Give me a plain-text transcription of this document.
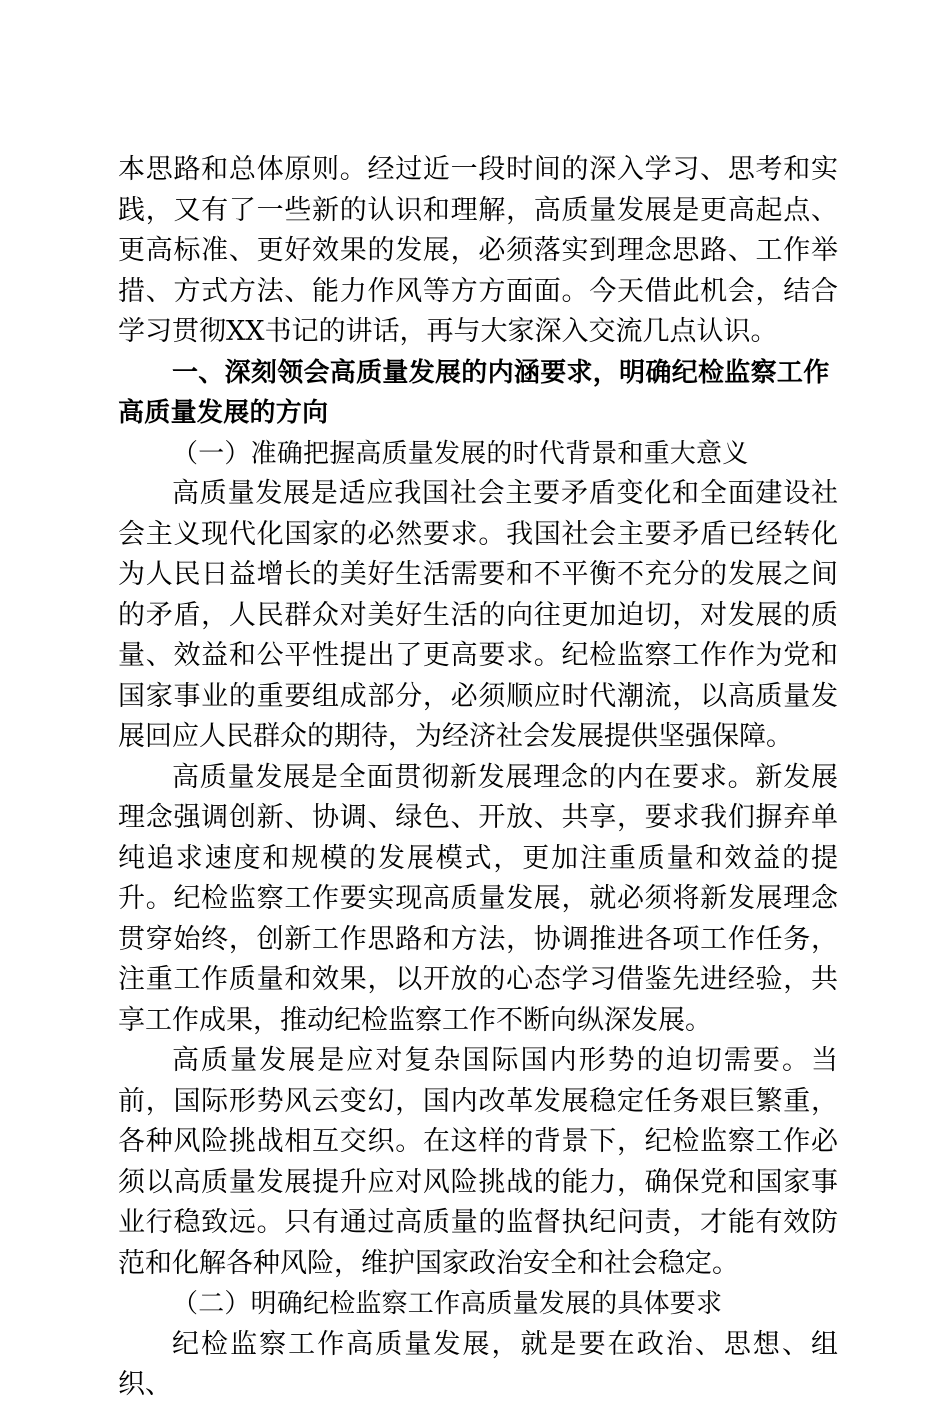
本思路和总体原则。经过近一段时间的深入学习、思考和实践，又有了一些新的认识和理解，高质量发展是更高起点、更高标准、更好效果的发展，必须落实到理念思路、工作举措、方式方法、能力作风等方方面面。今天借此机会，结合学习贯彻XX书记的讲话，再与大家深入交流几点认识。

一、深刻领会高质量发展的内涵要求，明确纪检监察工作高质量发展的方向

（一）准确把握高质量发展的时代背景和重大意义

高质量发展是适应我国社会主要矛盾变化和全面建设社会主义现代化国家的必然要求。我国社会主要矛盾已经转化为人民日益增长的美好生活需要和不平衡不充分的发展之间的矛盾，人民群众对美好生活的向往更加迫切，对发展的质量、效益和公平性提出了更高要求。纪检监察工作作为党和国家事业的重要组成部分，必须顺应时代潮流，以高质量发展回应人民群众的期待，为经济社会发展提供坚强保障。

高质量发展是全面贯彻新发展理念的内在要求。新发展理念强调创新、协调、绿色、开放、共享，要求我们摒弃单纯追求速度和规模的发展模式，更加注重质量和效益的提升。纪检监察工作要实现高质量发展，就必须将新发展理念贯穿始终，创新工作思路和方法，协调推进各项工作任务，注重工作质量和效果，以开放的心态学习借鉴先进经验，共享工作成果，推动纪检监察工作不断向纵深发展。

高质量发展是应对复杂国际国内形势的迫切需要。当前，国际形势风云变幻，国内改革发展稳定任务艰巨繁重，各种风险挑战相互交织。在这样的背景下，纪检监察工作必须以高质量发展提升应对风险挑战的能力，确保党和国家事业行稳致远。只有通过高质量的监督执纪问责，才能有效防范和化解各种风险，维护国家政治安全和社会稳定。

（二）明确纪检监察工作高质量发展的具体要求

纪检监察工作高质量发展，就是要在政治、思想、组织、
